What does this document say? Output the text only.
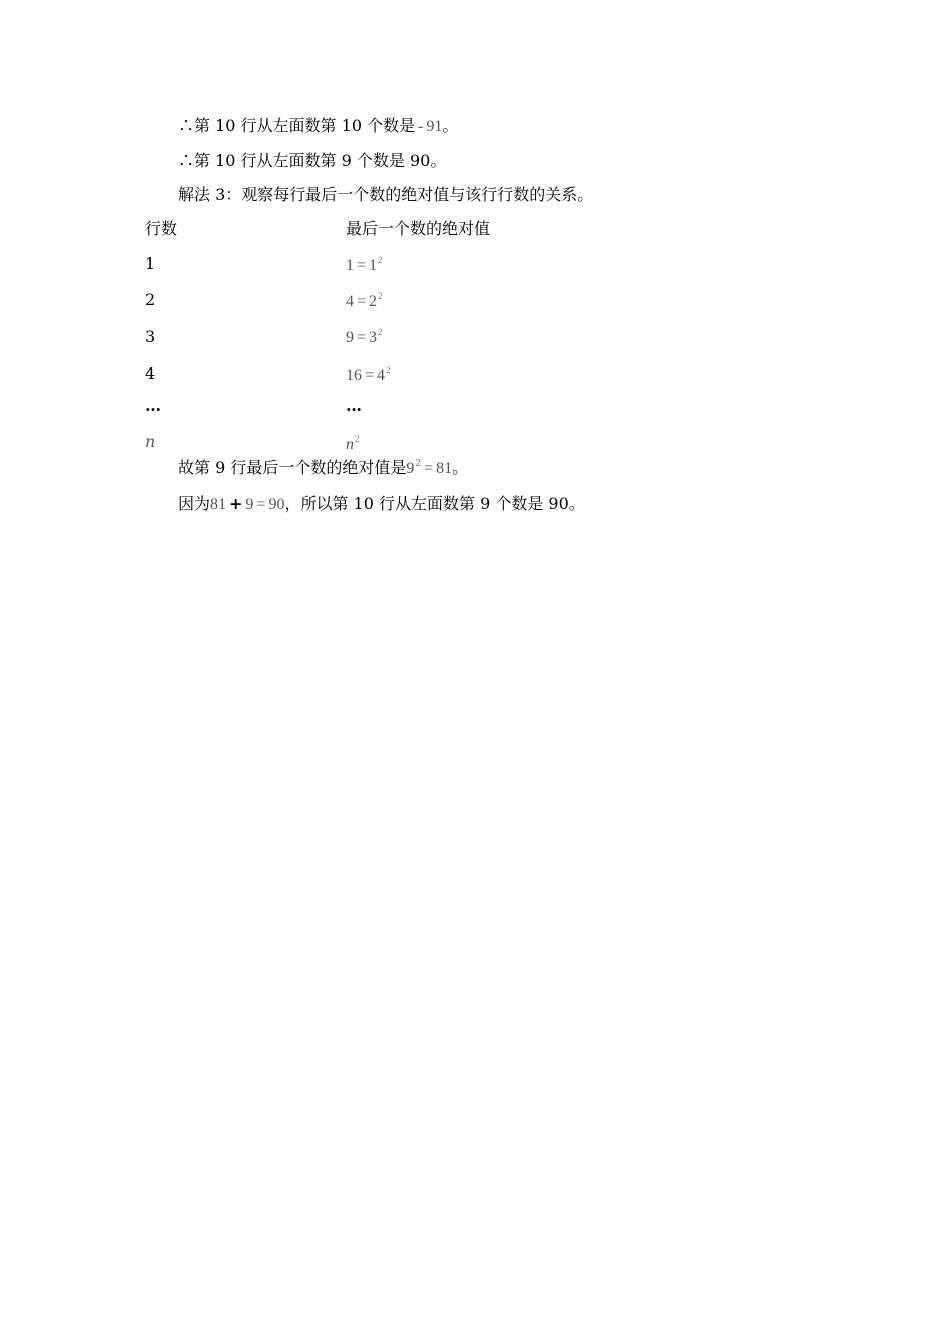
∴第 10 行从左面数第 10 个数是 - 91。
∴第 10 行从左面数第 9 个数是 90。
解法 3：观察每行最后一个数的绝对值与该行行数的关系。
行数	最后一个数的绝对值
1	$1 = 1^2$
2	$4 = 2^2$
3	$9 = 3^2$
4	$16 = 4^2$
…	…
n	$n^2$
故第 9 行最后一个数的绝对值是$9^2 = 81$。
因为81 + 9 = 90，所以第 10 行从左面数第 9 个数是 90。
